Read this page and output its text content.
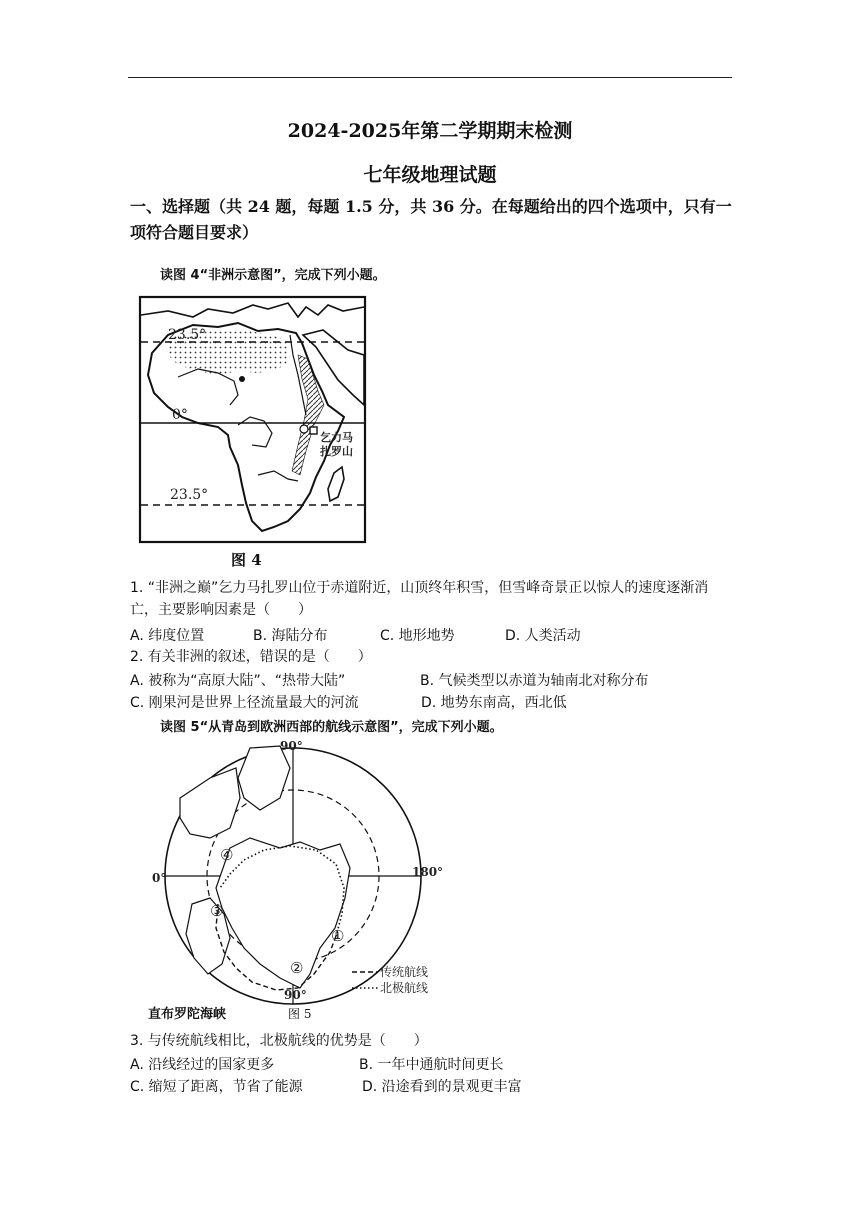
2024-2025年第二学期期末检测
七年级地理试题
一、选择题（共 24 题，每题 1.5 分，共 36 分。在每题给出的四个选项中，只有一项符合题目要求）
读图 4“非洲示意图”，完成下列小题。
23.5°
0°
23.5°
乞力马
扎罗山
图 4
1. “非洲之巅”乞力马扎罗山位于赤道附近，山顶终年积雪，但雪峰奇景正以惊人的速度逐渐消亡，主要影响因素是（　　）
A. 纬度位置	B. 海陆分布	C. 地形地势	D. 人类活动
2. 有关非洲的叙述，错误的是（　　）
A. 被称为“高原大陆”、“热带大陆”	B. 气候类型以赤道为轴南北对称分布
C. 刚果河是世界上径流量最大的河流	D. 地势东南高，西北低
读图 5“从青岛到欧洲西部的航线示意图”，完成下列小题。
①
②
③
④
90°
0°	180°
90°
传统航线
北极航线
直布罗陀海峡	图 5
3. 与传统航线相比，北极航线的优势是（　　）
A. 沿线经过的国家更多	B. 一年中通航时间更长
C. 缩短了距离，节省了能源	D. 沿途看到的景观更丰富
